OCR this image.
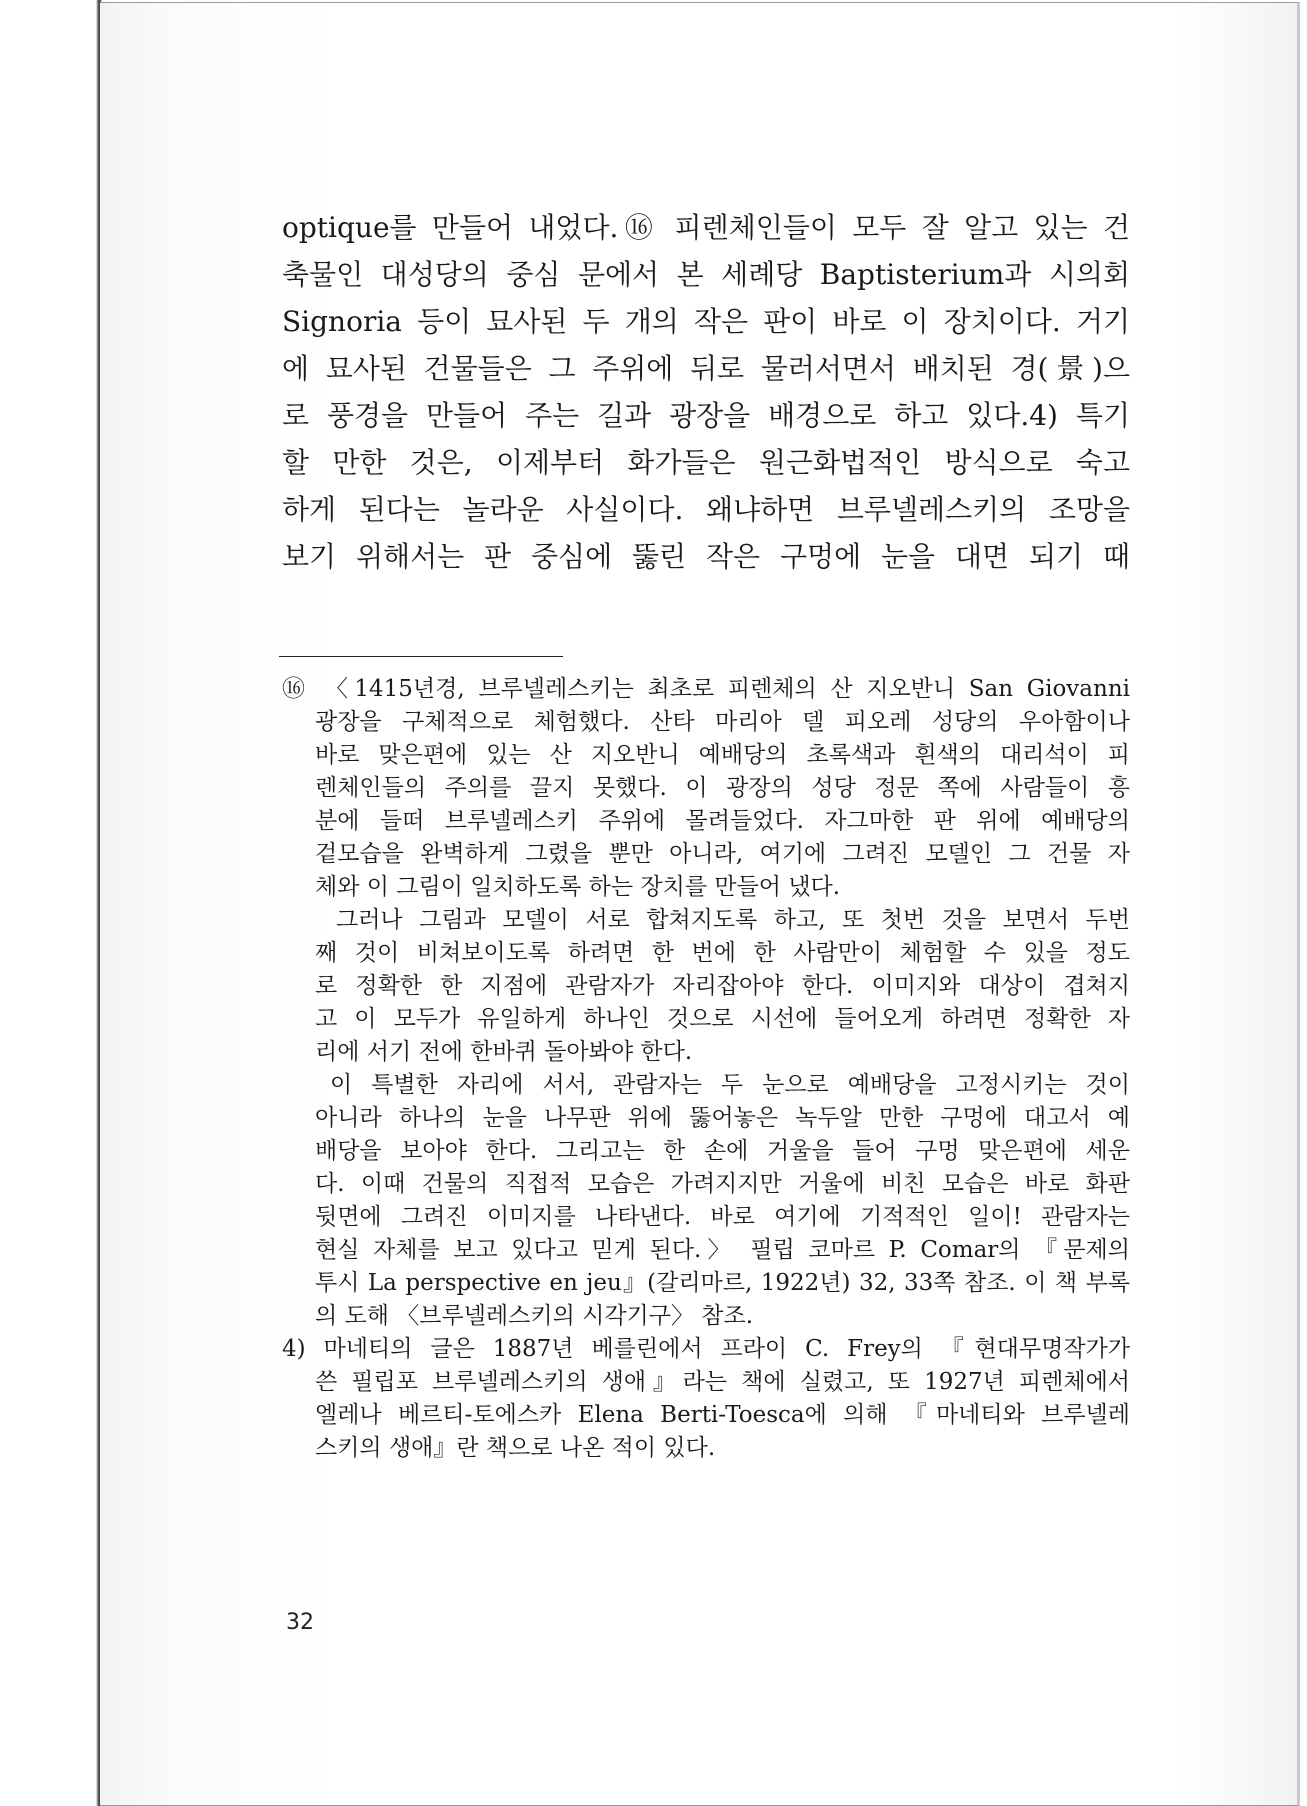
optique를 만들어 내었다.⑯ 피렌체인들이 모두 잘 알고 있는 건
축물인 대성당의 중심 문에서 본 세례당 Baptisterium과 시의회
Signoria 등이 묘사된 두 개의 작은 판이 바로 이 장치이다. 거기
에 묘사된 건물들은 그 주위에 뒤로 물러서면서 배치된 경(景)으
로 풍경을 만들어 주는 길과 광장을 배경으로 하고 있다.4) 특기
할 만한 것은, 이제부터 화가들은 원근화법적인 방식으로 숙고
하게 된다는 놀라운 사실이다. 왜냐하면 브루넬레스키의 조망을
보기 위해서는 판 중심에 뚫린 작은 구멍에 눈을 대면 되기 때
⑯ 〈1415년경, 브루넬레스키는 최초로 피렌체의 산 지오반니 San Giovanni
광장을 구체적으로 체험했다. 산타 마리아 델 피오레 성당의 우아함이나
바로 맞은편에 있는 산 지오반니 예배당의 초록색과 흰색의 대리석이 피
렌체인들의 주의를 끌지 못했다. 이 광장의 성당 정문 쪽에 사람들이 흥
분에 들떠 브루넬레스키 주위에 몰려들었다. 자그마한 판 위에 예배당의
겉모습을 완벽하게 그렸을 뿐만 아니라, 여기에 그려진 모델인 그 건물 자
체와 이 그림이 일치하도록 하는 장치를 만들어 냈다.
그러나 그림과 모델이 서로 합쳐지도록 하고, 또 첫번 것을 보면서 두번
째 것이 비쳐보이도록 하려면 한 번에 한 사람만이 체험할 수 있을 정도
로 정확한 한 지점에 관람자가 자리잡아야 한다. 이미지와 대상이 겹쳐지
고 이 모두가 유일하게 하나인 것으로 시선에 들어오게 하려면 정확한 자
리에 서기 전에 한바퀴 돌아봐야 한다.
이 특별한 자리에 서서, 관람자는 두 눈으로 예배당을 고정시키는 것이
아니라 하나의 눈을 나무판 위에 뚫어놓은 녹두알 만한 구멍에 대고서 예
배당을 보아야 한다. 그리고는 한 손에 거울을 들어 구멍 맞은편에 세운
다. 이때 건물의 직접적 모습은 가려지지만 거울에 비친 모습은 바로 화판
뒷면에 그려진 이미지를 나타낸다. 바로 여기에 기적적인 일이! 관람자는
현실 자체를 보고 있다고 믿게 된다.〉 필립 코마르 P. Comar의 『문제의
투시 La perspective en jeu』(갈리마르, 1922년) 32, 33쪽 참조. 이 책 부록
의 도해 〈브루넬레스키의 시각기구〉 참조.
4) 마네티의 글은 1887년 베를린에서 프라이 C. Frey의 『현대무명작가가
쓴 필립포 브루넬레스키의 생애』라는 책에 실렸고, 또 1927년 피렌체에서
엘레나 베르티-토에스카 Elena Berti-Toesca에 의해 『마네티와 브루넬레
스키의 생애』란 책으로 나온 적이 있다.
32
